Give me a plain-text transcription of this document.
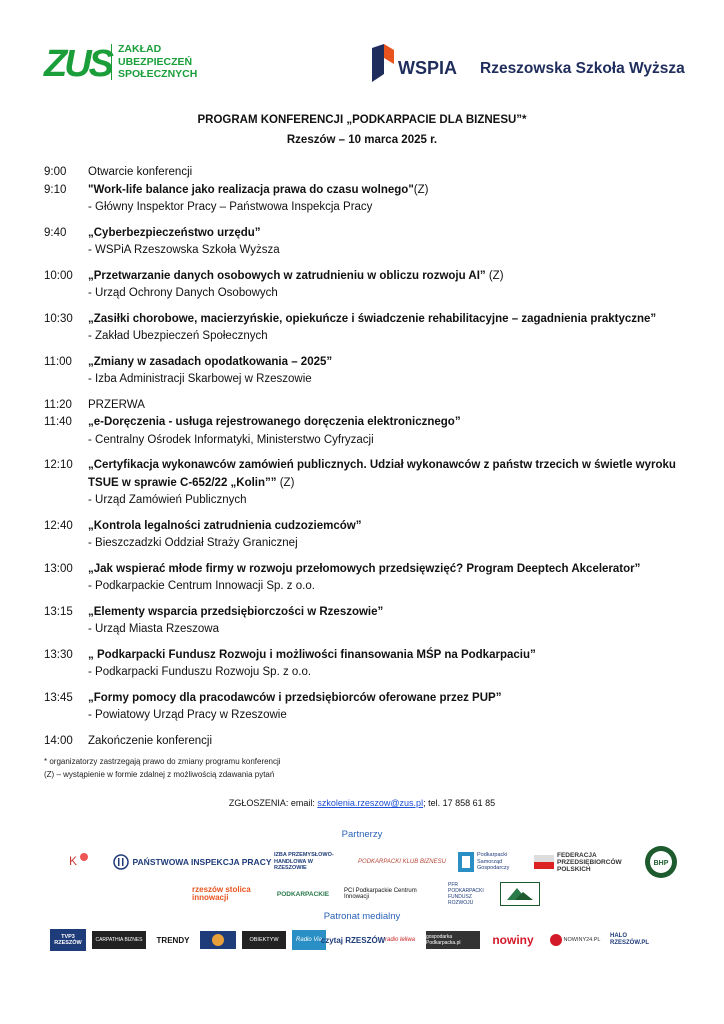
ZUS ZAKŁAD
UBEZPIECZEŃ
SPOŁECZNYCH	WSPIA Rzeszowska Szkoła Wyższa
PROGRAM KONFERENCJI „PODKARPACIE DLA BIZNESU”*
Rzeszów – 10 marca 2025 r.
9:00	Otwarcie konferencji
9:10	"Work-life balance jako realizacja prawa do czasu wolnego"(Z)
- Główny Inspektor Pracy – Państwowa Inspekcja Pracy
9:40	„Cyberbezpieczeństwo urzędu”
- WSPiA Rzeszowska Szkoła Wyższa
10:00	„Przetwarzanie danych osobowych w zatrudnieniu w obliczu rozwoju AI” (Z)
- Urząd Ochrony Danych Osobowych
10:30	„Zasiłki chorobowe, macierzyńskie, opiekuńcze i świadczenie rehabilitacyjne – zagadnienia praktyczne”
- Zakład Ubezpieczeń Społecznych
11:00	„Zmiany w zasadach opodatkowania – 2025”
- Izba Administracji Skarbowej w Rzeszowie
11:20	PRZERWA
11:40	„e-Doręczenia - usługa rejestrowanego doręczenia elektronicznego”
- Centralny Ośrodek Informatyki, Ministerstwo Cyfryzacji
12:10	„Certyfikacja wykonawców zamówień publicznych. Udział wykonawców z państw trzecich w świetle wyroku TSUE w sprawie C-652/22 „Kolin”” (Z)
- Urząd Zamówień Publicznych
12:40	„Kontrola legalności zatrudnienia cudzoziemców”
- Bieszczadzki Oddział Straży Granicznej
13:00	„Jak wspierać młode firmy w rozwoju przełomowych przedsięwzięć? Program Deeptech Akcelerator”
- Podkarpackie Centrum Innowacji Sp. z o.o.
13:15	„Elementy wsparcia przedsiębiorczości w Rzeszowie”
- Urząd Miasta Rzeszowa
13:30	„ Podkarpacki Fundusz Rozwoju i możliwości finansowania MŚP na Podkarpaciu”
- Podkarpacki Funduszu Rozwoju Sp. z o.o.
13:45	„Formy pomocy dla pracodawców i przedsiębiorców oferowane przez PUP”
- Powiatowy Urząd Pracy w Rzeszowie
14:00	Zakończenie konferencji
* organizatorzy zastrzegają prawo do zmiany programu konferencji
(Z) – wystąpienie w formie zdalnej z możliwością zdawania pytań
ZGŁOSZENIA: email: szkolenia.rzeszow@zus.pl; tel. 17 858 61 85
Partnerzy
K	PAŃSTWOWA INSPEKCJA PRACY
IZBA PRZEMYSŁOWO-HANDLOWA W RZESZOWIE
PODKARPACKI KLUB BIZNESU
Podkarpacki Samorząd Gospodarczy
FEDERACJA PRZEDSIĘBIORCÓW POLSKICH
BHP
rzeszów stolica innowacji	PODKARPACKIE PCI Podkarpackie Centrum Innowacji
PFR PODKARPACKI FUNDUSZ ROZWOJU
Patronat medialny
TVP3 RZESZÓW	CARPATHIA BIZNES TRENDY	OBIEKTYW	Radio Via
czytaj RZESZÓW radio leliwa gospodarka Podkarpacka.pl	nowiny	NOWINY24.PL
HALO RZESZÓW.PL
